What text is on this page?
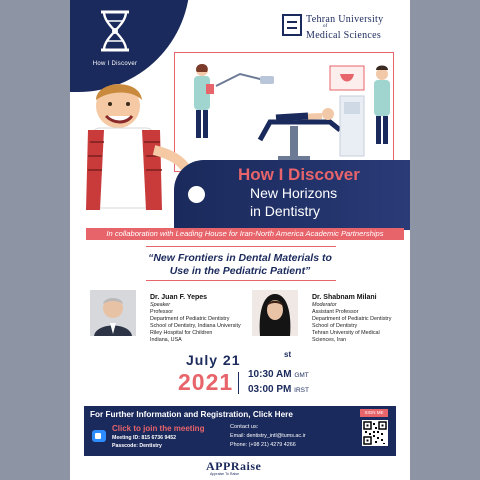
How I Discover
Tehran University
of
Medical Sciences
How I Discover
New Horizons
in Dentistry
In collaboration with Leading House for Iran-North America Academic Partnerships
“New Frontiers in Dental Materials to
Use in the Pediatric Patient”
Dr. Juan F. Yepes
Speaker
Professor
Department of Pediatric Dentistry
School of Dentistry, Indiana University
Riley Hospital for Children
Indiana, USA
Dr. Shabnam Milani
Moderator
Assistant Professor
Department of Pediatric Dentistry
School of Dentistry
Tehran University of Medical
Sciences, Iran
July 21	st
2021 10:30 AM GMT
03:00 PM IRST
For Further Information and Registration, Click Here	SIGN ME
Click to join the meeting
Meeting ID: 815 6736 9452
Passcode: Dentistry
Contact us:
Email: dentistry_intl@tums.ac.ir
Phone: (+98 21) 4279 4266
APPRaise
Appraise To Raise
